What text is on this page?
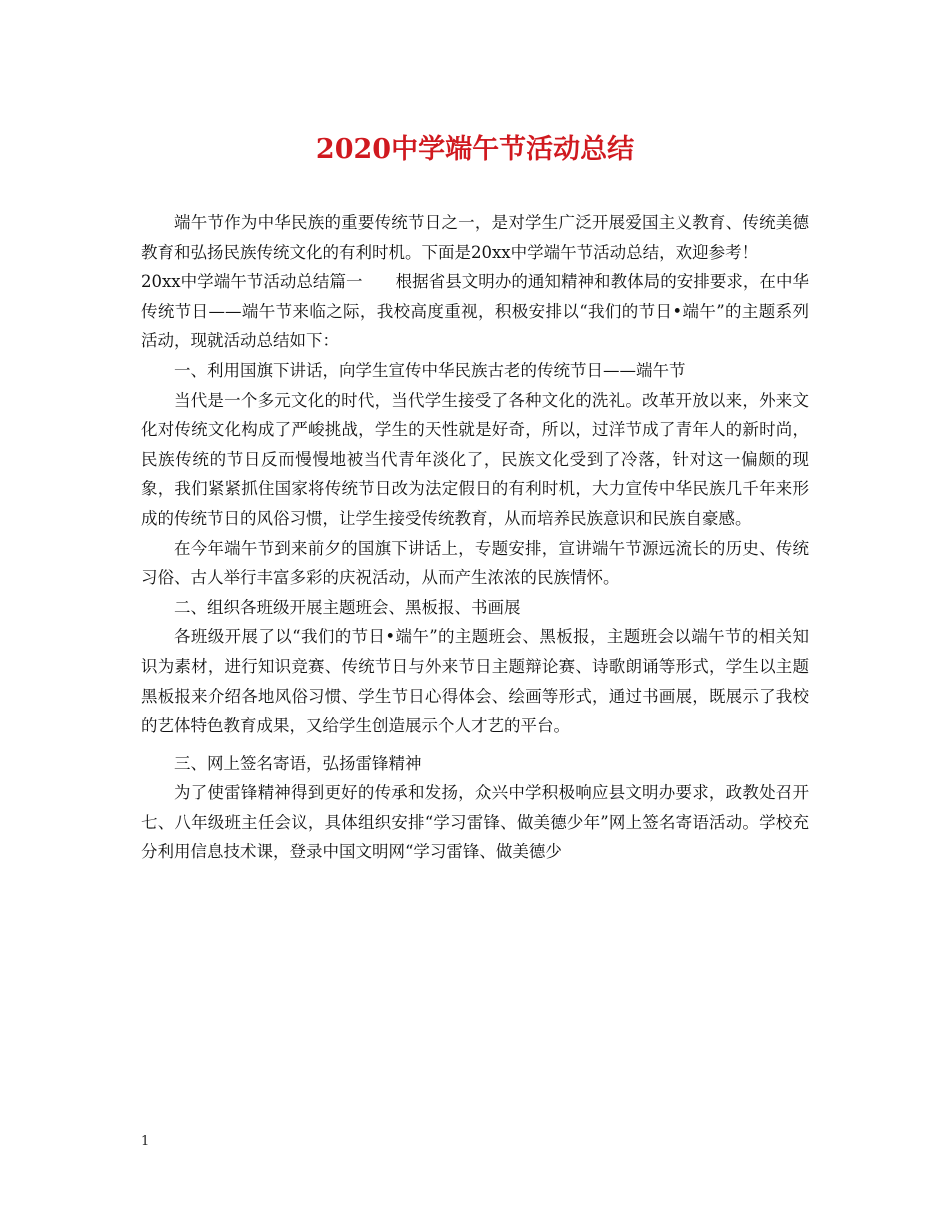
2020中学端午节活动总结

端午节作为中华民族的重要传统节日之一，是对学生广泛开展爱国主义教育、传统美德教育和弘扬民族传统文化的有利时机。下面是20xx中学端午节活动总结，欢迎参考！

20xx中学端午节活动总结篇一　　根据省县文明办的通知精神和教体局的安排要求，在中华传统节日——端午节来临之际，我校高度重视，积极安排以“我们的节日•端午”的主题系列活动，现就活动总结如下：

一、利用国旗下讲话，向学生宣传中华民族古老的传统节日——端午节

当代是一个多元文化的时代，当代学生接受了各种文化的洗礼。改革开放以来，外来文化对传统文化构成了严峻挑战，学生的天性就是好奇，所以，过洋节成了青年人的新时尚，民族传统的节日反而慢慢地被当代青年淡化了，民族文化受到了冷落，针对这一偏颇的现象，我们紧紧抓住国家将传统节日改为法定假日的有利时机，大力宣传中华民族几千年来形成的传统节日的风俗习惯，让学生接受传统教育，从而培养民族意识和民族自豪感。

在今年端午节到来前夕的国旗下讲话上，专题安排，宣讲端午节源远流长的历史、传统习俗、古人举行丰富多彩的庆祝活动，从而产生浓浓的民族情怀。

二、组织各班级开展主题班会、黑板报、书画展

各班级开展了以“我们的节日•端午”的主题班会、黑板报，主题班会以端午节的相关知识为素材，进行知识竞赛、传统节日与外来节日主题辩论赛、诗歌朗诵等形式，学生以主题黑板报来介绍各地风俗习惯、学生节日心得体会、绘画等形式，通过书画展，既展示了我校的艺体特色教育成果，又给学生创造展示个人才艺的平台。

三、网上签名寄语，弘扬雷锋精神

为了使雷锋精神得到更好的传承和发扬，众兴中学积极响应县文明办要求，政教处召开七、八年级班主任会议，具体组织安排“学习雷锋、做美德少年”网上签名寄语活动。学校充分利用信息技术课，登录中国文明网“学习雷锋、做美德少

1
